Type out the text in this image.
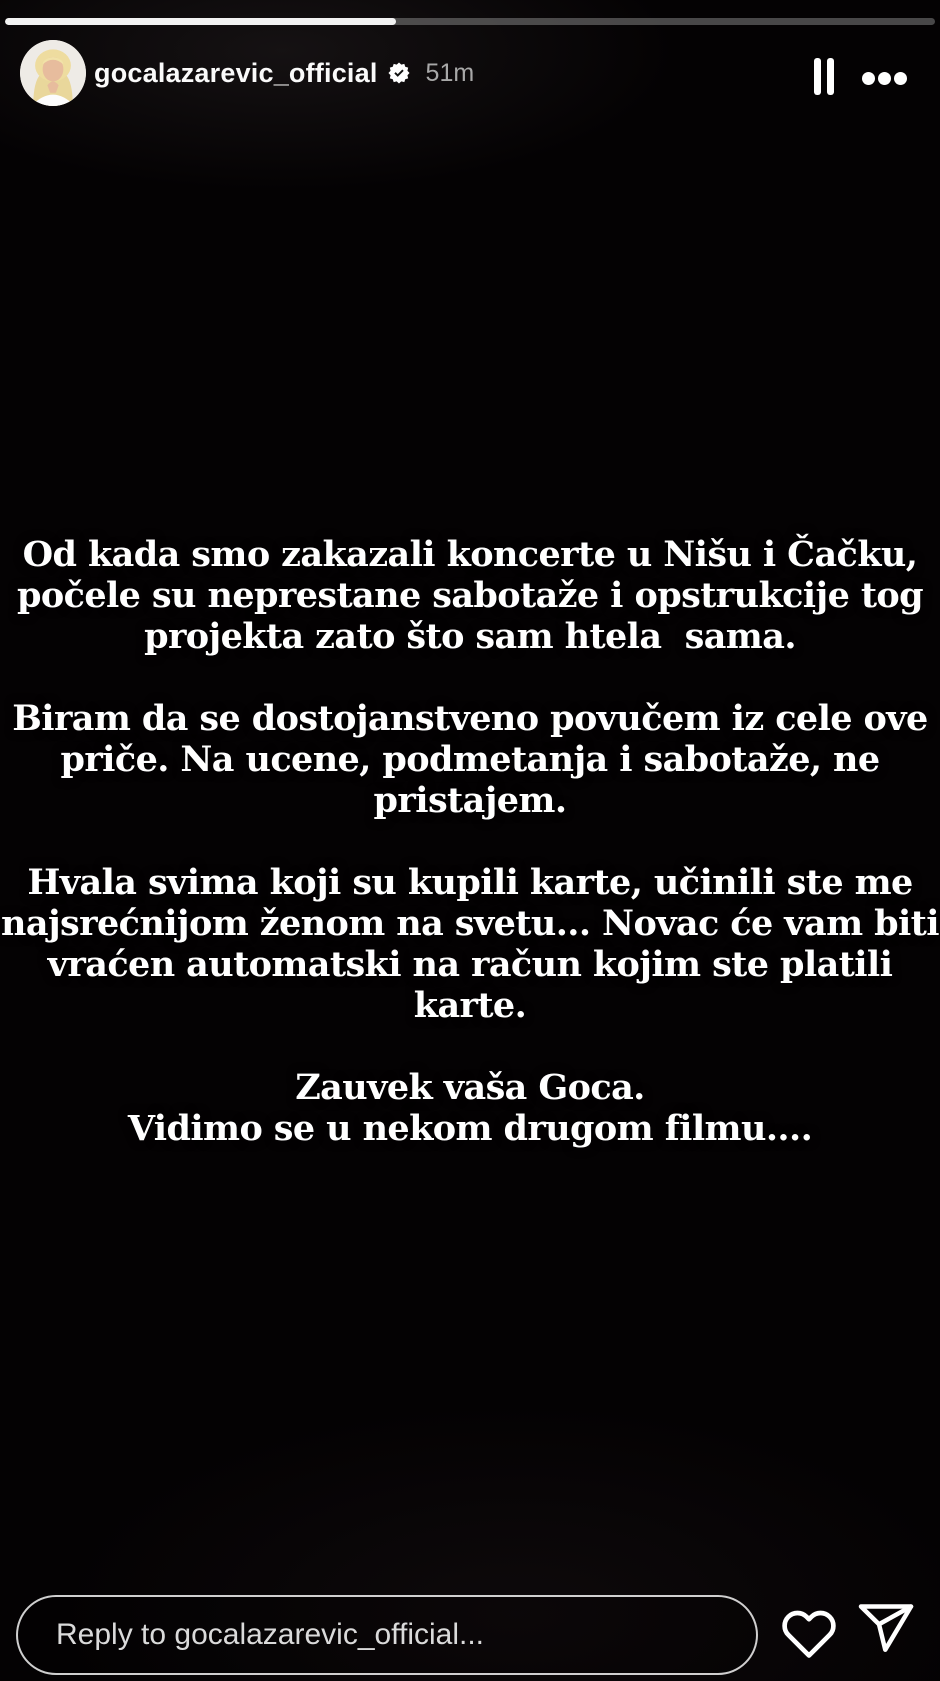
gocalazarevic_official 51m
Od kada smo zakazali koncerte u Nišu i Čačku,
počele su neprestane sabotaže i opstrukcije tog
projekta zato što sam htela  sama.
Biram da se dostojanstveno povučem iz cele ove
priče. Na ucene, podmetanja i sabotaže, ne
pristajem.
Hvala svima koji su kupili karte, učinili ste me
najsrećnijom ženom na svetu... Novac će vam biti
vraćen automatski na račun kojim ste platili
karte.
Zauvek vaša Goca.
Vidimo se u nekom drugom filmu....
Reply to gocalazarevic_official...
